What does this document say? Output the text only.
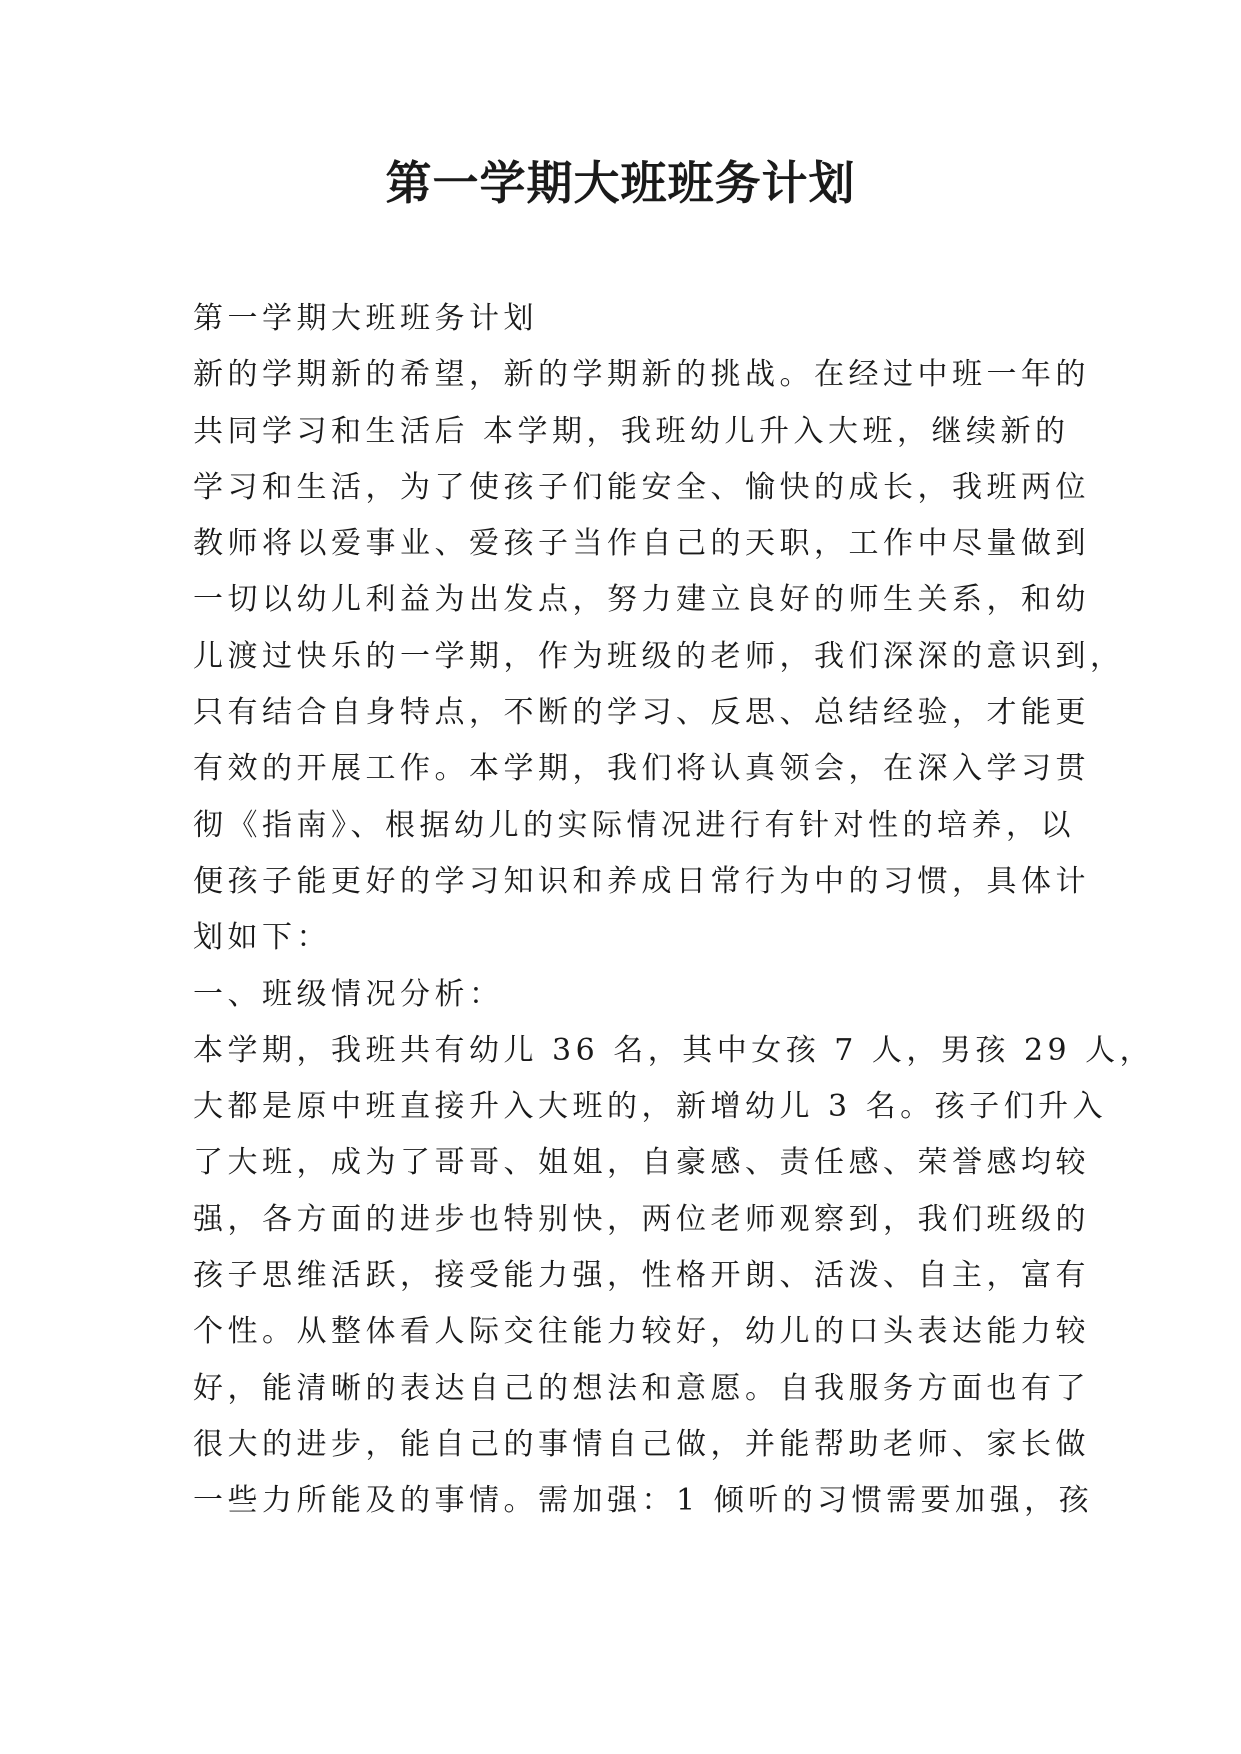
第一学期大班班务计划
第一学期大班班务计划
新的学期新的希望，新的学期新的挑战。在经过中班一年的
共同学习和生活后 本学期，我班幼儿升入大班，继续新的
学习和生活，为了使孩子们能安全、愉快的成长，我班两位
教师将以爱事业、爱孩子当作自己的天职，工作中尽量做到
一切以幼儿利益为出发点，努力建立良好的师生关系，和幼
儿渡过快乐的一学期，作为班级的老师，我们深深的意识到，
只有结合自身特点，不断的学习、反思、总结经验，才能更
有效的开展工作。本学期，我们将认真领会，在深入学习贯
彻《指南》、根据幼儿的实际情况进行有针对性的培养，以
便孩子能更好的学习知识和养成日常行为中的习惯，具体计
划如下：
一、班级情况分析：
本学期，我班共有幼儿 36 名，其中女孩 7 人，男孩 29 人，
大都是原中班直接升入大班的，新增幼儿 3 名。孩子们升入
了大班，成为了哥哥、姐姐，自豪感、责任感、荣誉感均较
强，各方面的进步也特别快，两位老师观察到，我们班级的
孩子思维活跃，接受能力强，性格开朗、活泼、自主，富有
个性。从整体看人际交往能力较好，幼儿的口头表达能力较
好，能清晰的表达自己的想法和意愿。自我服务方面也有了
很大的进步，能自己的事情自己做，并能帮助老师、家长做
一些力所能及的事情。需加强：1 倾听的习惯需要加强，孩
